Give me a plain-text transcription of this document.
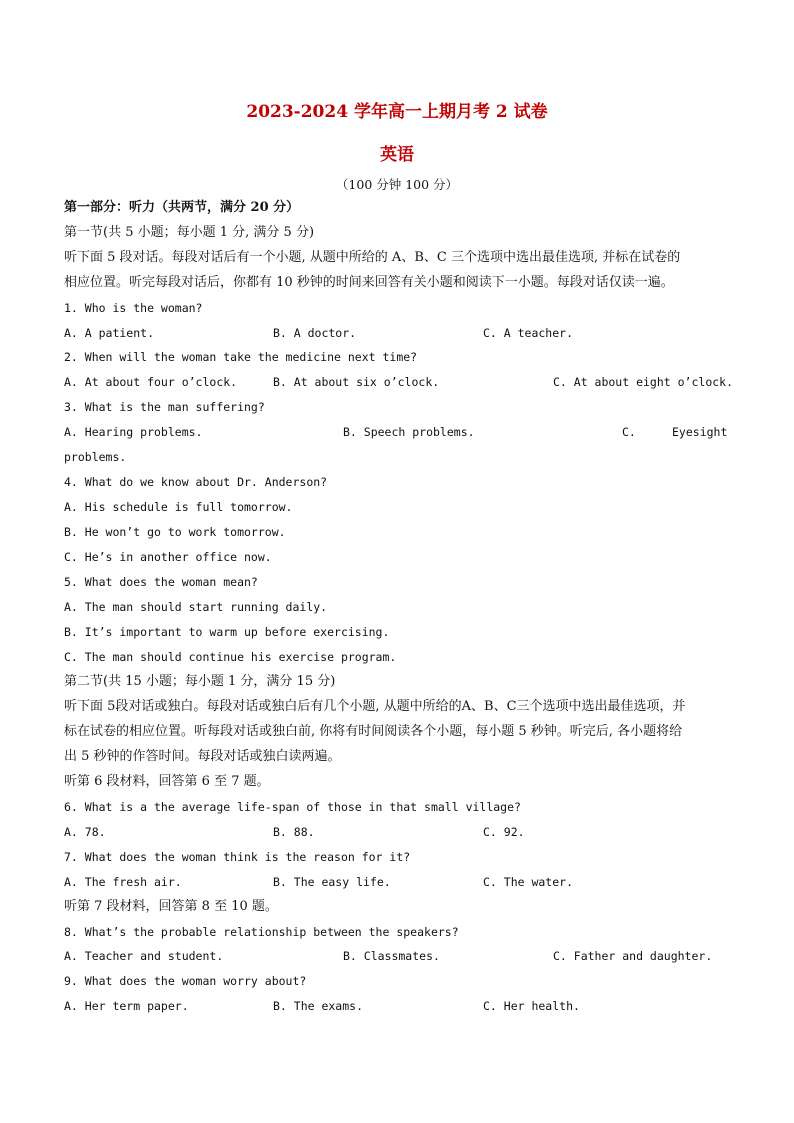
2023-2024 学年高一上期月考 2 试卷
英语
（100 分钟 100 分）
第一部分：听力（共两节，满分 20 分）
第一节(共 5 小题；每小题 1 分, 满分 5 分)
听下面 5 段对话。每段对话后有一个小题, 从题中所给的 A、B、C 三个选项中选出最佳选项, 并标在试卷的
相应位置。听完每段对话后，你都有 10 秒钟的时间来回答有关小题和阅读下一小题。每段对话仅读一遍。
1. Who is the woman?
A. A patient.	B. A doctor.	C. A teacher.
2. When will the woman take the medicine next time?
A. At about four o’clock.	B. At about six o’clock.	C. At about eight o’clock.
3. What is the man suffering?
A. Hearing problems.	B. Speech problems.	C.	Eyesight
problems.
4. What do we know about Dr. Anderson?
A. His schedule is full tomorrow.
B. He won’t go to work tomorrow.
C. He’s in another office now.
5. What does the woman mean?
A. The man should start running daily.
B. It’s important to warm up before exercising.
C. The man should continue his exercise program.
第二节(共 15 小题；每小题 1 分，满分 15 分)
听下面 5段对话或独白。每段对话或独白后有几个小题, 从题中所给的A、B、C三个选项中选出最佳选项，并
标在试卷的相应位置。听每段对话或独白前, 你将有时间阅读各个小题，每小题 5 秒钟。听完后, 各小题将给
出 5 秒钟的作答时间。每段对话或独白读两遍。
听第 6 段材料，回答第 6 至 7 题。
6. What is a the average life-span of those in that small village?
A. 78.	B. 88.	C. 92.
7. What does the woman think is the reason for it?
A. The fresh air.	B. The easy life.	C. The water.
听第 7 段材料，回答第 8 至 10 题。
8. What’s the probable relationship between the speakers?
A. Teacher and student.	B. Classmates.	C. Father and daughter.
9. What does the woman worry about?
A. Her term paper.	B. The exams.	C. Her health.
